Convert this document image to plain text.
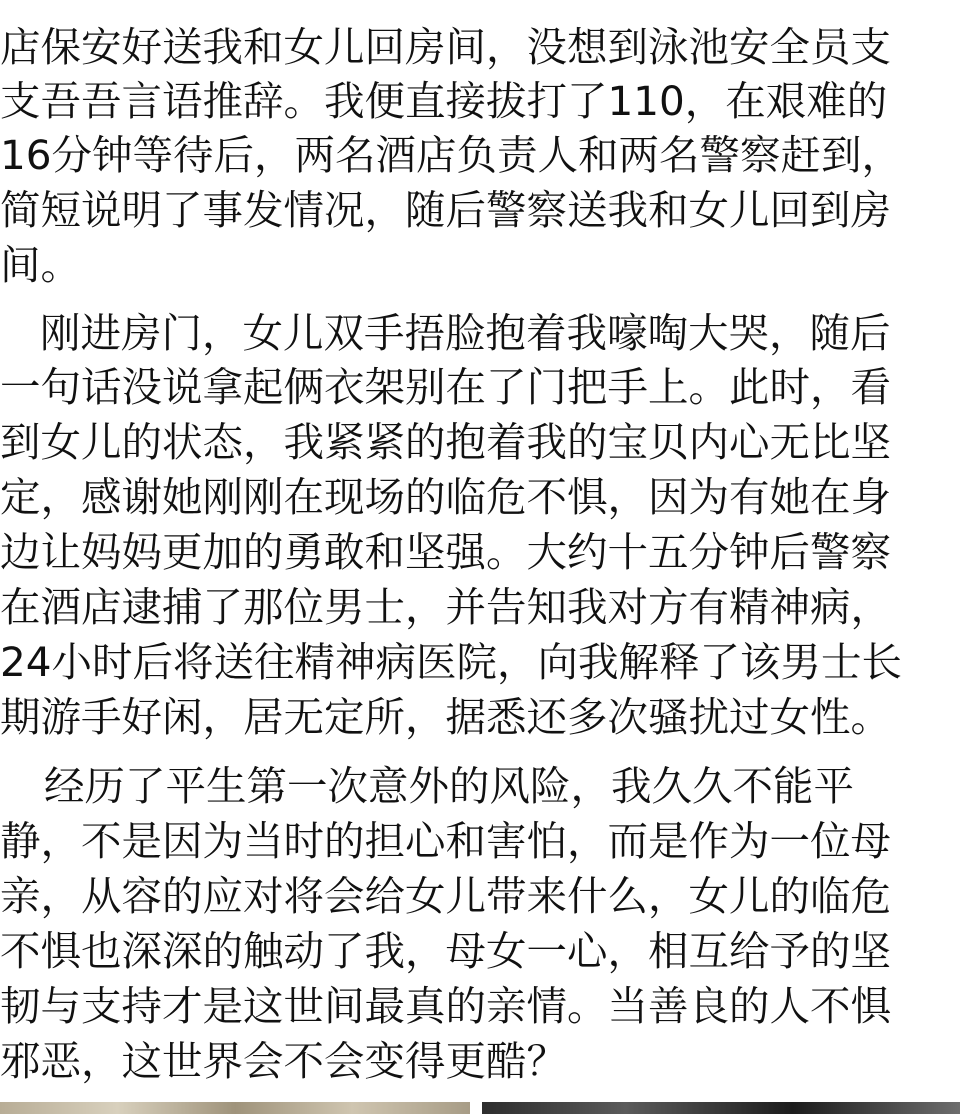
店保安好送我和女儿回房间，没想到泳池安全员支
支吾吾言语推辞。我便直接拔打了110，在艰难的
16分钟等待后，两名酒店负责人和两名警察赶到，
简短说明了事发情况，随后警察送我和女儿回到房
间。
刚进房门，女儿双手捂脸抱着我嚎啕大哭，随后
一句话没说拿起俩衣架别在了门把手上。此时，看
到女儿的状态，我紧紧的抱着我的宝贝内心无比坚
定，感谢她刚刚在现场的临危不惧，因为有她在身
边让妈妈更加的勇敢和坚强。大约十五分钟后警察
在酒店逮捕了那位男士，并告知我对方有精神病，
24小时后将送往精神病医院，向我解释了该男士长
期游手好闲，居无定所，据悉还多次骚扰过女性。
经历了平生第一次意外的风险，我久久不能平
静，不是因为当时的担心和害怕，而是作为一位母
亲，从容的应对将会给女儿带来什么，女儿的临危
不惧也深深的触动了我，母女一心，相互给予的坚
韧与支持才是这世间最真的亲情。当善良的人不惧
邪恶，这世界会不会变得更酷？
